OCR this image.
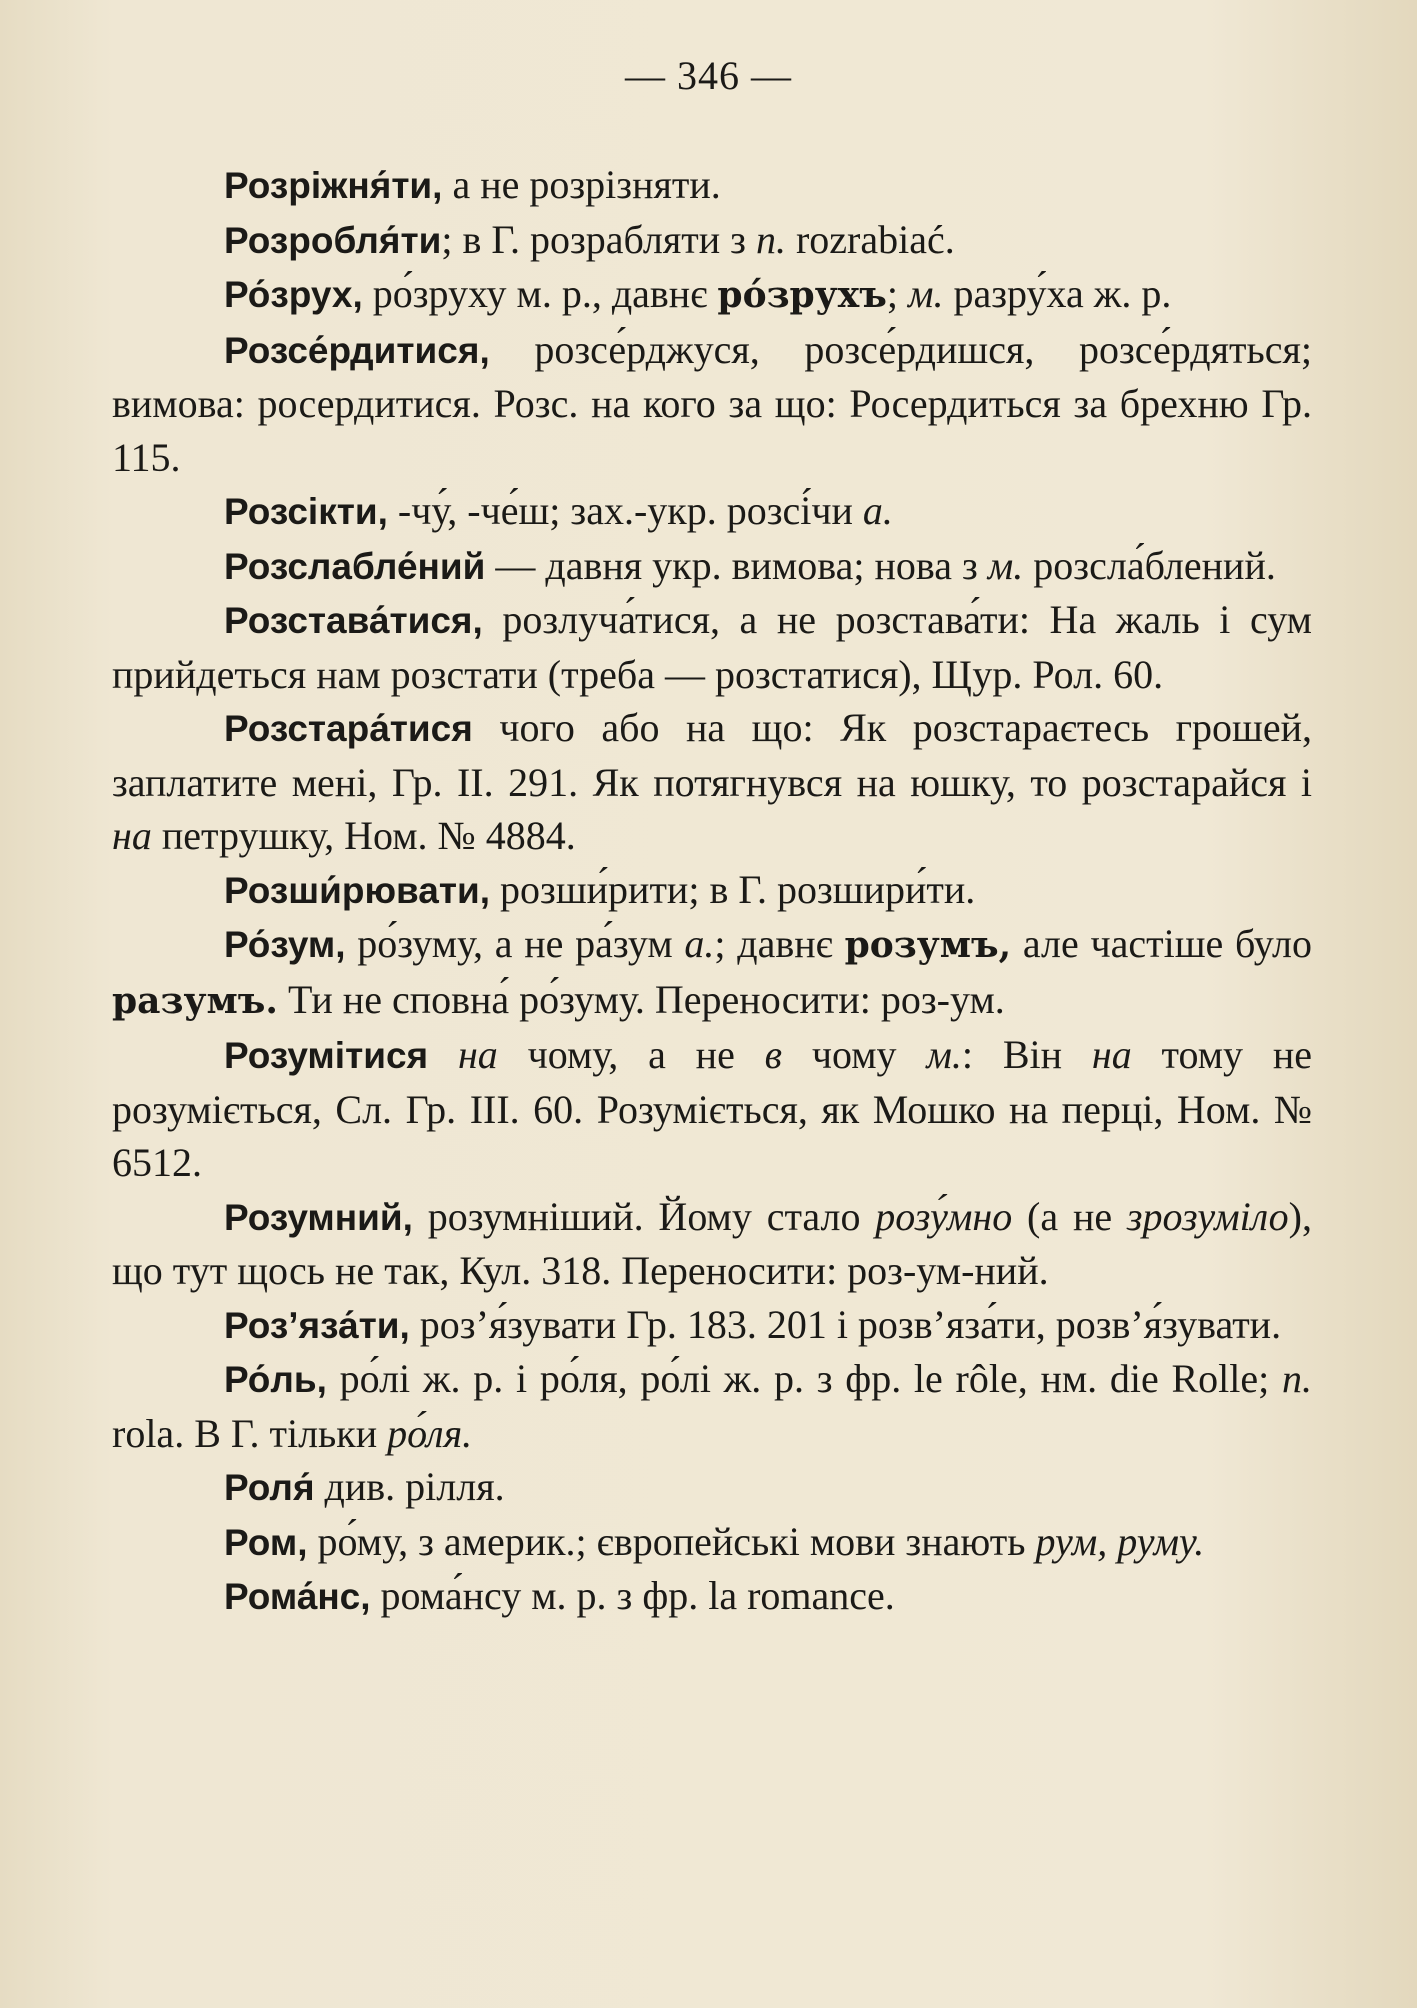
— 346 —

Розріжня́ти, а не розрізняти.

Розробля́ти; в Г. розрабляти з п. rozrabiać.

Ро́зрух, ро́зруху м. р., давнє ро́зрухъ; м. разру́ха ж. р.

Розсе́рдитися, розсе́рджуся, розсе́рдишся, розсе́рдяться; вимова: росердитися. Розс. на кого за що: Росердиться за брехню Гр. 115.

Розсікти, -чу́, -че́ш; зах.-укр. розсі́чи a.

Розслабле́ний — давня укр. вимова; нова з м. розсла́блений.

Розстава́тися, розлуча́тися, а не розстава́ти: На жаль і сум прийдеться нам розстати (треба — розстатися), Щур. Рол. 60.

Розстара́тися чого або на що: Як розстараєтесь грошей, заплатите мені, Гр. II. 291. Як потягнувся на юшку, то розстарайся і на петрушку, Ном. № 4884.

Розши́рювати, розши́рити; в Г. розшири́ти.

Ро́зум, ро́зуму, а не ра́зум a.; давнє розумъ, але частіше було разумъ. Ти не сповна́ ро́зуму. Переносити: роз-ум.

Розумітися на чому, а не в чому м.: Він на тому не розуміється, Сл. Гр. III. 60. Розуміється, як Мошко на перці, Ном. № 6512.

Розумний, розумніший. Йому стало розу́мно (а не зрозуміло), що тут щось не так, Кул. 318. Переносити: роз-ум-ний.

Роз’яза́ти, роз’я́зувати Гр. 183. 201 і розв’яза́ти, розв’я́зувати.

Ро́ль, ро́лі ж. р. і ро́ля, ро́лі ж. р. з фр. le rôle, нм. die Rolle; п. rola. В Г. тільки ро́ля.

Роля́ див. рілля.

Ром, ро́му, з америк.; європейські мови знають рум, руму.

Рома́нс, рома́нсу м. р. з фр. la romance.
